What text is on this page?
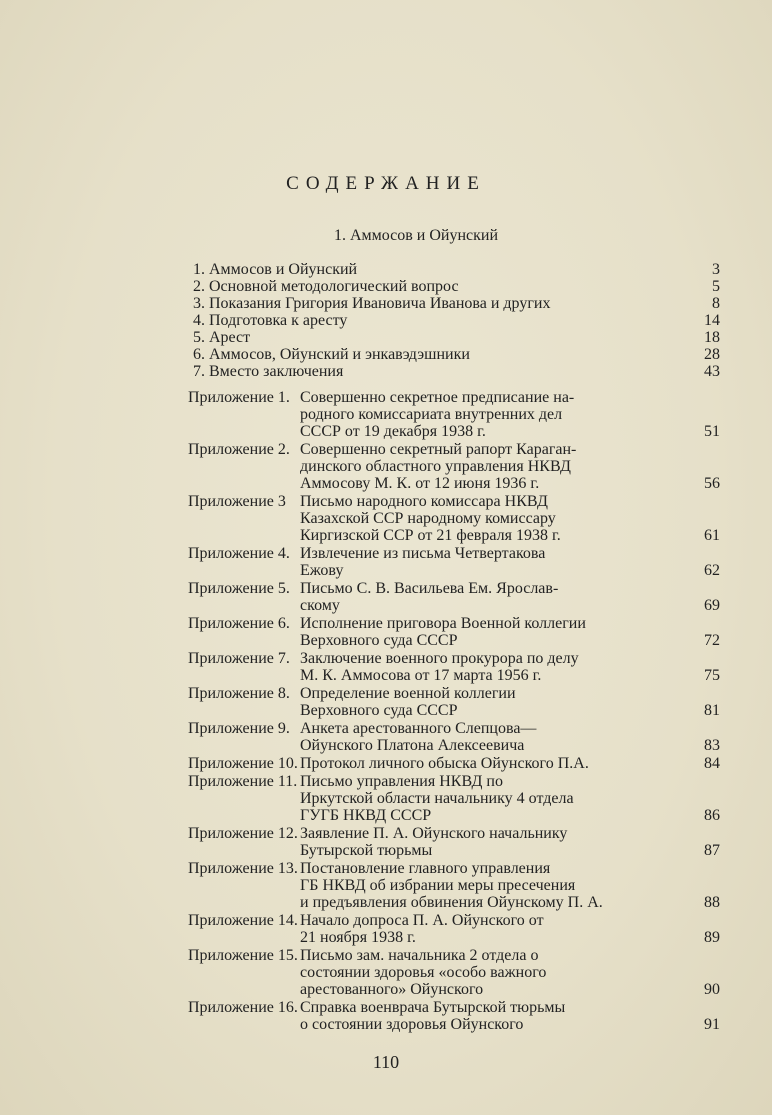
СОДЕРЖАНИЕ
1. Аммосов и Ойунский
1. Аммосов и Ойунский	3
2. Основной методологический вопрос	5
3. Показания Григория Ивановича Иванова и других	8
4. Подготовка к аресту	14
5. Арест	18
6. Аммосов, Ойунский и энкавэдэшники	28
7. Вместо заключения	43
Приложение 1. Совершенно секретное предписание на-
родного комиссариата внутренних дел
СССР от 19 декабря 1938 г.	51
Приложение 2. Совершенно секретный рапорт Караган-
динского областного управления НКВД
Аммосову М. К. от 12 июня 1936 г.	56
Приложение 3 Письмо народного комиссара НКВД
Казахской ССР народному комиссару
Киргизской ССР от 21 февраля 1938 г.	61
Приложение 4. Извлечение из письма Четвертакова
Ежову	62
Приложение 5. Письмо С. В. Васильева Ем. Ярослав-
скому	69
Приложение 6. Исполнение приговора Военной коллегии
Верховного суда СССР	72
Приложение 7. Заключение военного прокурора по делу
М. К. Аммосова от 17 марта 1956 г.	75
Приложение 8. Определение военной коллегии
Верховного суда СССР	81
Приложение 9. Анкета арестованного Слепцова—
Ойунского Платона Алексеевича	83
Приложение 10. Протокол личного обыска Ойунского П.А.	84
Приложение 11. Письмо управления НКВД по
Иркутской области начальнику 4 отдела
ГУГБ НКВД СССР	86
Приложение 12. Заявление П. А. Ойунского начальнику
Бутырской тюрьмы	87
Приложение 13. Постановление главного управления
ГБ НКВД об избрании меры пресечения
и предъявления обвинения Ойунскому П. А.	88
Приложение 14. Начало допроса П. А. Ойунского от
21 ноября 1938 г.	89
Приложение 15. Письмо зам. начальника 2 отдела о
состоянии здоровья «особо важного
арестованного» Ойунского	90
Приложение 16. Справка военврача Бутырской тюрьмы
о состоянии здоровья Ойунского	91
110
